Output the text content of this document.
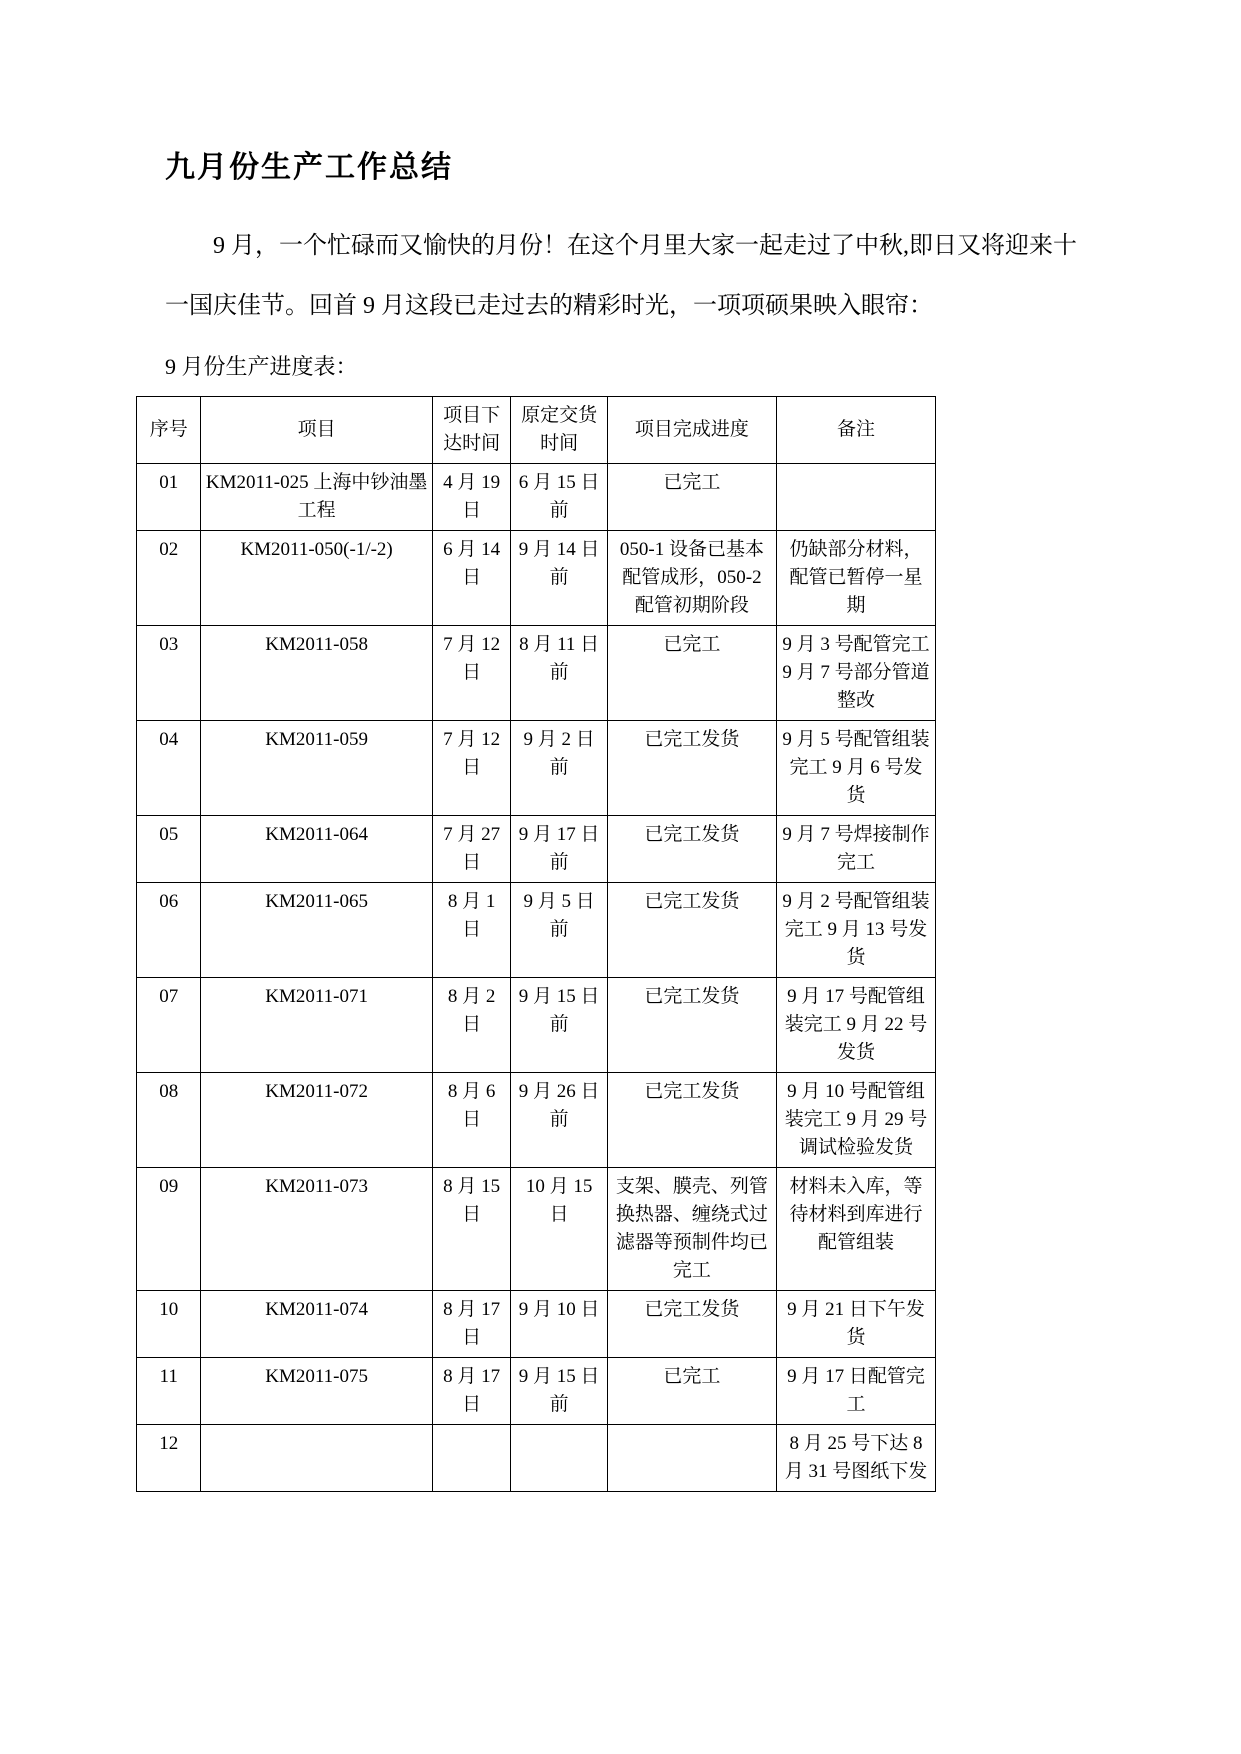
九月份生产工作总结

9 月，一个忙碌而又愉快的月份！在这个月里大家一起走过了中秋,即日又将迎来十一国庆佳节。回首 9 月这段已走过去的精彩时光，一项项硕果映入眼帘：

9 月份生产进度表：

序号	项目	项目下达时间	原定交货时间	项目完成进度	备注
01	KM2011-025 上海中钞油墨工程	4 月 19 日	6 月 15 日前	已完工	
02	KM2011-050(-1/-2)	6 月 14 日	9 月 14 日前	050-1 设备已基本配管成形，050-2 配管初期阶段	仍缺部分材料，配管已暂停一星期
03	KM2011-058	7 月 12 日	8 月 11 日前	已完工	9 月 3 号配管完工 9 月 7 号部分管道整改
04	KM2011-059	7 月 12 日	9 月 2 日前	已完工发货	9 月 5 号配管组装完工 9 月 6 号发货
05	KM2011-064	7 月 27 日	9 月 17 日前	已完工发货	9 月 7 号焊接制作完工
06	KM2011-065	8 月 1 日	9 月 5 日前	已完工发货	9 月 2 号配管组装完工 9 月 13 号发货
07	KM2011-071	8 月 2 日	9 月 15 日前	已完工发货	9 月 17 号配管组装完工 9 月 22 号发货
08	KM2011-072	8 月 6 日	9 月 26 日前	已完工发货	9 月 10 号配管组装完工 9 月 29 号调试检验发货
09	KM2011-073	8 月 15 日	10 月 15 日	支架、膜壳、列管换热器、缠绕式过滤器等预制件均已完工	材料未入库，等待材料到库进行配管组装
10	KM2011-074	8 月 17 日	9 月 10 日	已完工发货	9 月 21 日下午发货
11	KM2011-075	8 月 17 日	9 月 15 日前	已完工	9 月 17 日配管完工
12					8 月 25 号下达 8 月 31 号图纸下发
